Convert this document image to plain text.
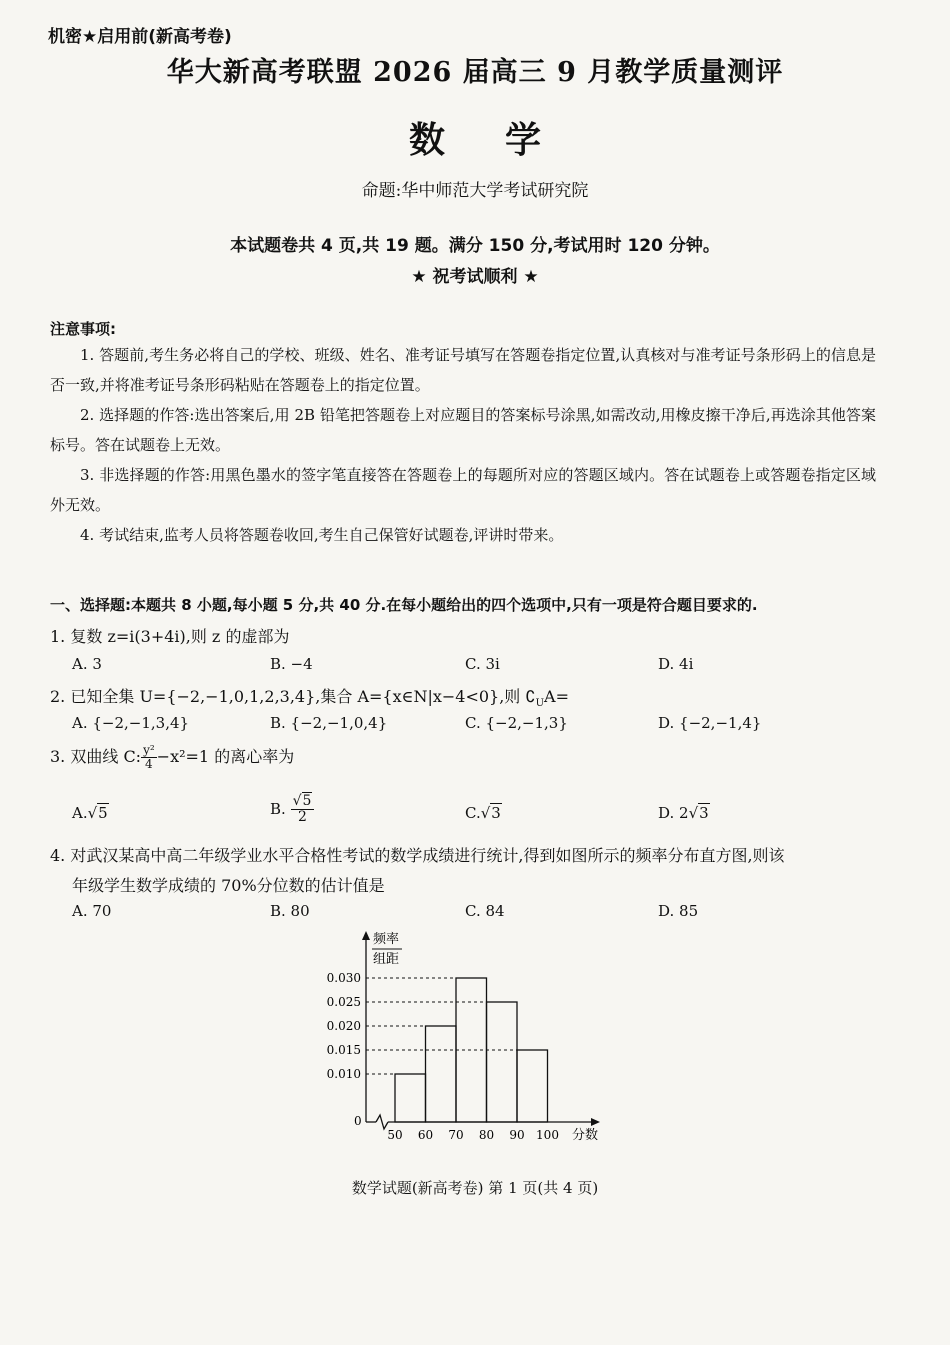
机密★启用前(新高考卷)
华大新高考联盟 2026 届高三 9 月教学质量测评
数学
命题:华中师范大学考试研究院
本试题卷共 4 页,共 19 题。满分 150 分,考试用时 120 分钟。
★ 祝考试顺利 ★
注意事项:

1. 答题前,考生务必将自己的学校、班级、姓名、准考证号填写在答题卷指定位置,认真核对与准考证号条形码上的信息是否一致,并将准考证号条形码粘贴在答题卷上的指定位置。

2. 选择题的作答:选出答案后,用 2B 铅笔把答题卷上对应题目的答案标号涂黑,如需改动,用橡皮擦干净后,再选涂其他答案标号。答在试题卷上无效。

3. 非选择题的作答:用黑色墨水的签字笔直接答在答题卷上的每题所对应的答题区域内。答在试题卷上或答题卷指定区域外无效。

4. 考试结束,监考人员将答题卷收回,考生自己保管好试题卷,评讲时带来。

一、选择题:本题共 8 小题,每小题 5 分,共 40 分.在每小题给出的四个选项中,只有一项是符合题目要求的.
1. 复数 z=i(3+4i),则 z 的虚部为
A. 3	B. −4	C. 3i	D. 4i
2. 已知全集 U={−2,−1,0,1,2,3,4},集合 A={x∈N|x−4<0},则 $∁_UA=$
A. {−2,−1,3,4}	B. {−2,−1,0,4}	C. {−2,−1,3}	D. {−2,−1,4}
3. 双曲线 C: $\frac{\text{y²}}{4} -x^2=1$ 的离心率为
A.√5	B. $\frac{√5}{2}$	C.√3	D. 2√3
4. 对武汉某高中高二年级学业水平合格性考试的数学成绩进行统计,得到如图所示的频率分布直方图,则该
年级学生数学成绩的 70%分位数的估计值是
A. 70	B. 80	C. 84	D. 85
频率
组距
分数
0
0.030
0.025
0.020
0.015
0.010
50 60 70 80 90 100
数学试题(新高考卷) 第 1 页(共 4 页)
